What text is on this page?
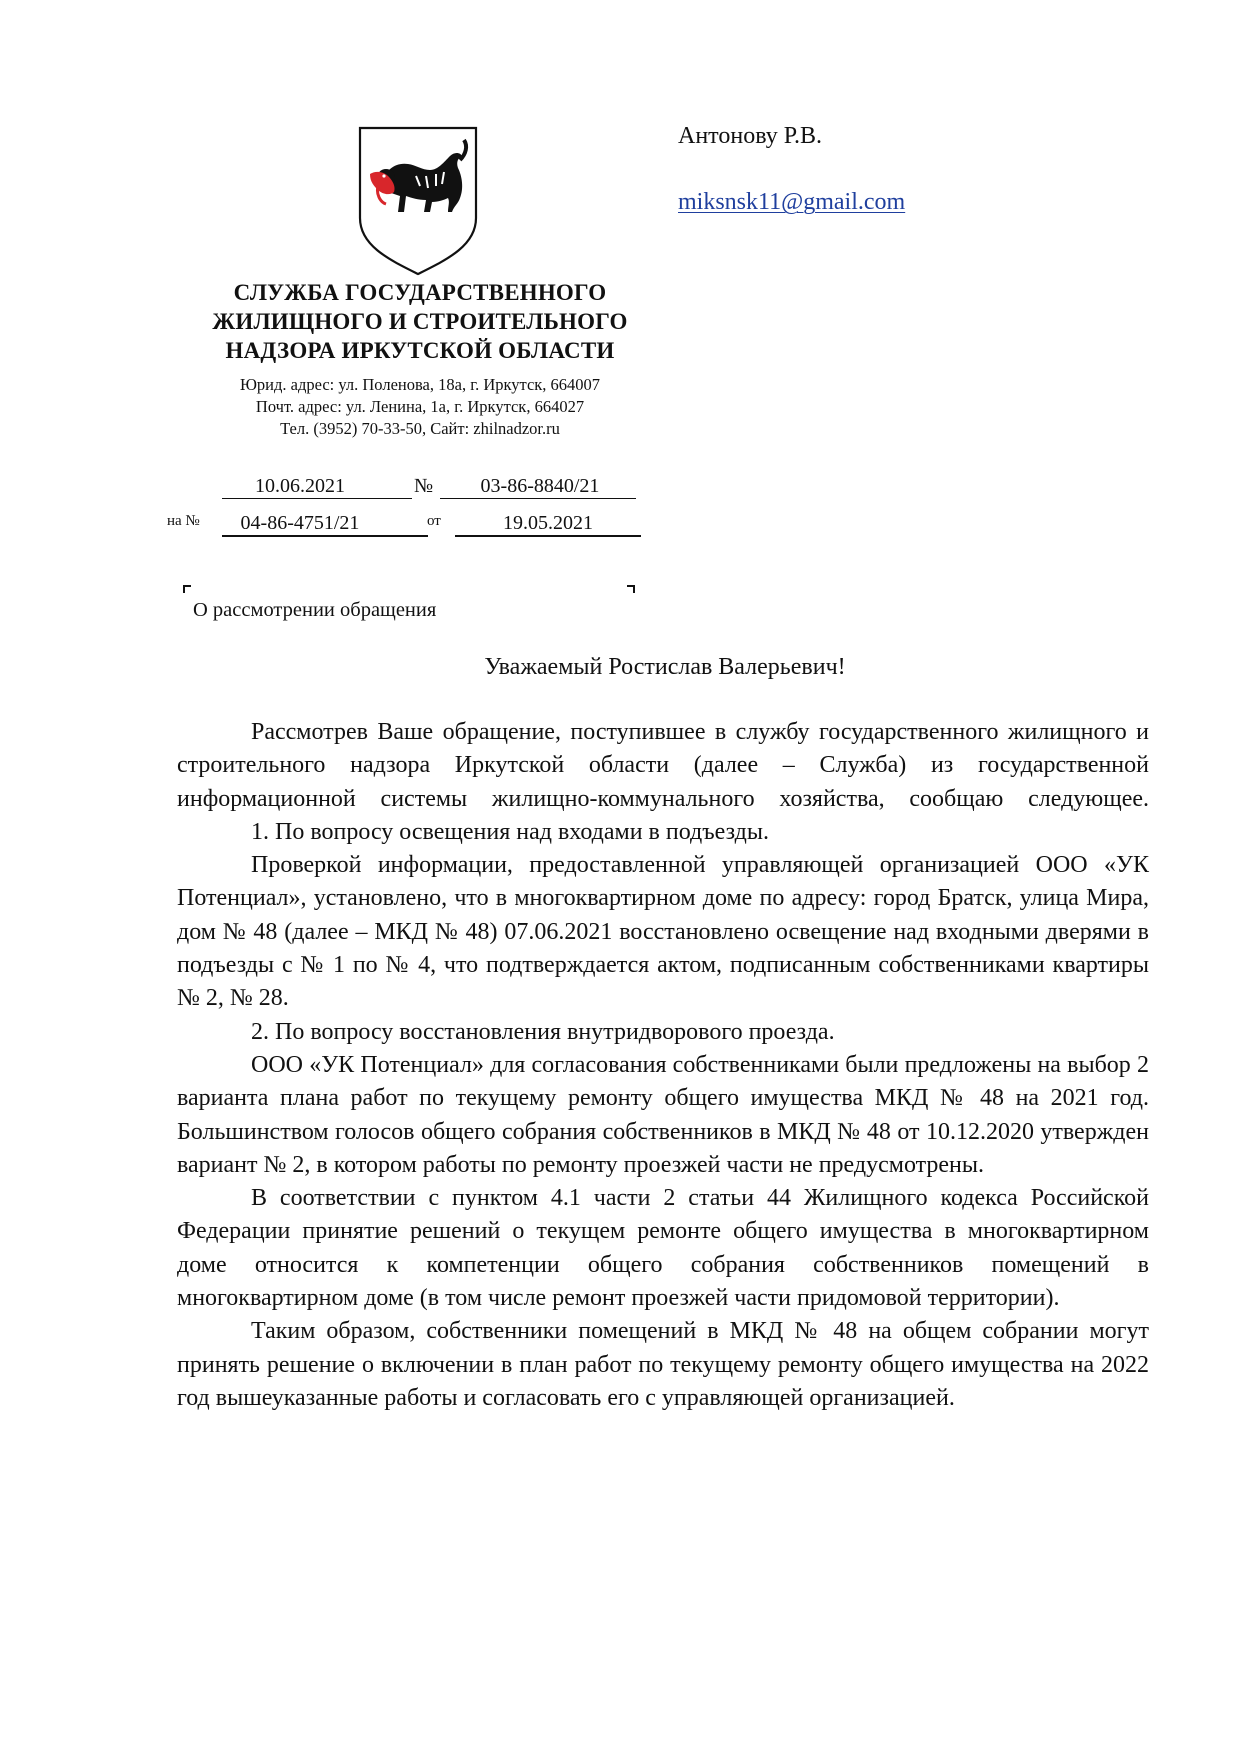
СЛУЖБА ГОСУДАРСТВЕННОГО
ЖИЛИЩНОГО И СТРОИТЕЛЬНОГО
НАДЗОРА ИРКУТСКОЙ ОБЛАСТИ
Юрид. адрес: ул. Поленова, 18а, г. Иркутск, 664007
Почт. адрес: ул. Ленина, 1а, г. Иркутск, 664027
Тел. (3952) 70-33-50, Сайт: zhilnadzor.ru
Антонову Р.В.
miksnsk11@gmail.com
10.06.2021	№	03-86-8840/21
на №	04-86-4751/21	от	19.05.2021
О рассмотрении обращения
Уважаемый Ростислав Валерьевич!

Рассмотрев Ваше обращение, поступившее в службу государственного жилищного и строительного надзора Иркутской области (далее – Служба) из государственной информационной системы жилищно-коммунального хозяйства, сообщаю следующее.

1. По вопросу освещения над входами в подъезды.

Проверкой информации, предоставленной управляющей организацией ООО «УК Потенциал», установлено, что в многоквартирном доме по адресу: город Братск, улица Мира, дом № 48 (далее – МКД № 48) 07.06.2021 восстановлено освещение над входными дверями в подъезды с № 1 по № 4, что подтверждается актом, подписанным собственниками квартиры № 2, № 28.

2. По вопросу восстановления внутридворового проезда.

ООО «УК Потенциал» для согласования собственниками были предложены на выбор 2 варианта плана работ по текущему ремонту общего имущества МКД № 48 на 2021 год. Большинством голосов общего собрания собственников в МКД № 48 от 10.12.2020 утвержден вариант № 2, в котором работы по ремонту проезжей части не предусмотрены.

В соответствии с пунктом 4.1 части 2 статьи 44 Жилищного кодекса Российской Федерации принятие решений о текущем ремонте общего имущества в многоквартирном доме относится к компетенции общего собрания собственников помещений в многоквартирном доме (в том числе ремонт проезжей части придомовой территории).

Таким образом, собственники помещений в МКД № 48 на общем собрании могут принять решение о включении в план работ по текущему ремонту общего имущества на 2022 год вышеуказанные работы и согласовать его с управляющей организацией.
